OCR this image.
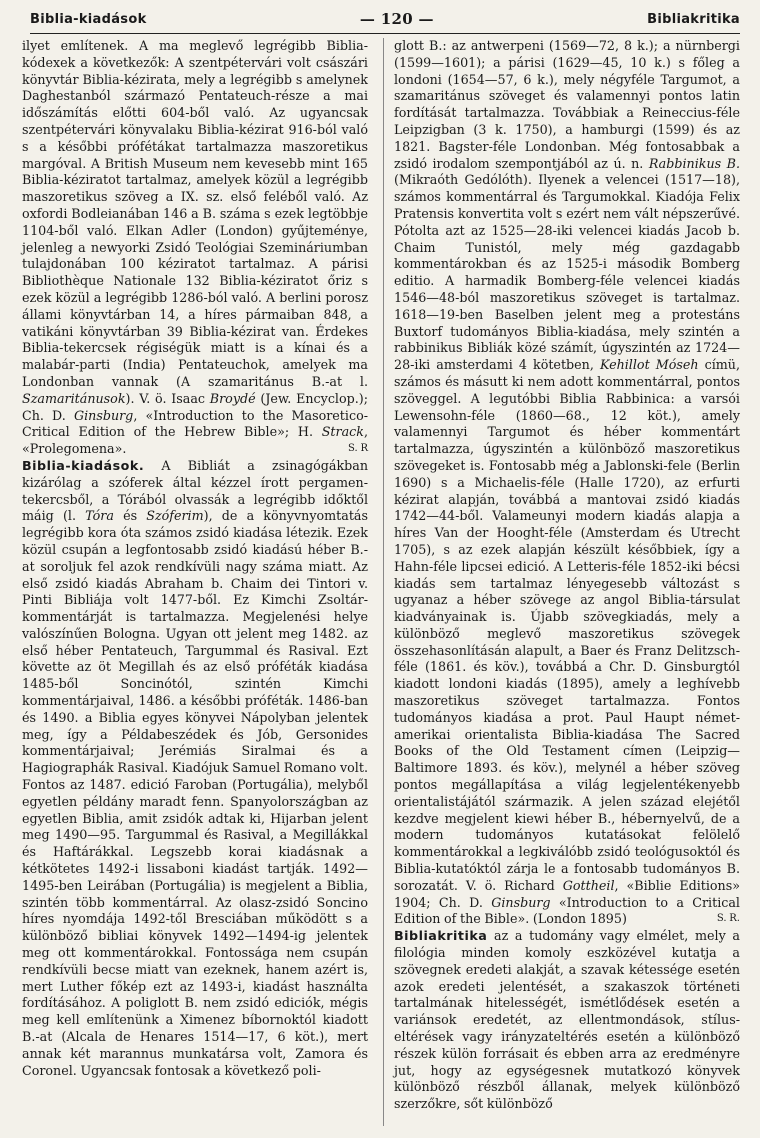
Biblia-kiadások	— 120 —	Bibliakritika

ilyet említenek. A ma meglevő legrégibb Biblia-kódexek a következők: A szentpétervári volt császári könyvtár Biblia-kézirata, mely a legrégibb s amelynek Daghestanból származó Pentateuch-része a mai időszámítás előtti 604-ből való. Az ugyancsak szentpétervári könyvalaku Biblia-kézirat 916-ból való s a későbbi prófétákat tartalmazza maszoretikus margóval. A British Museum nem kevesebb mint 165 Biblia-kéziratot tartalmaz, amelyek közül a legrégibb maszoretikus szöveg a IX. sz. első feléből való. Az oxfordi Bodleianában 146 a B. száma s ezek legtöbbje 1104-ből való. Elkan Adler (London) gyűjteménye, jelenleg a newyorki Zsidó Teológiai Szemináriumban tulajdonában 100 kéziratot tartalmaz. A párisi Bibliothèque Nationale 132 Biblia-kéziratot őriz s ezek közül a legrégibb 1286-ból való. A berlini porosz állami könyvtárban 14, a híres pármaiban 848, a vatikáni könyvtárban 39 Biblia-kézirat van. Érdekes Biblia-tekercsek régiségük miatt is a kínai és a malabár-parti (India) Pentateuchok, amelyek ma Londonban vannak (A szamaritánus B.-at l. Szamaritánusok). V. ö. Isaac Broydé (Jew. Encyclop.); Ch. D. Ginsburg, «Introduction to the Masoretico-Critical Edition of the Hebrew Bible»; H. Strack, «Prolegomena».	S. R

Biblia-kiadások. A Bibliát a zsinagógákban kizárólag a szóferek által kézzel írott pergamen-tekercsből, a Tórából olvassák a legrégibb időktől máig (l. Tóra és Szóferim), de a könyvnyomtatás legrégibb kora óta számos zsidó kiadása létezik. Ezek közül csupán a legfontosabb zsidó kiadású héber B.-at soroljuk fel azok rendkívüli nagy száma miatt. Az első zsidó kiadás Abraham b. Chaim dei Tintori v. Pinti Bibliája volt 1477-ből. Ez Kimchi Zsoltár-kommentárját is tartalmazza. Megjelenési helye valószínűen Bologna. Ugyan ott jelent meg 1482. az első héber Pentateuch, Targummal és Rasival. Ezt követte az öt Megillah és az első próféták kiadása 1485-ből Soncinótól, szintén Kimchi kommentárjaival, 1486. a későbbi próféták. 1486-ban és 1490. a Biblia egyes könyvei Nápolyban jelentek meg, így a Példabeszédek és Jób, Gersonides kommentárjaival; Jerémiás Siralmai és a Hagiographák Rasival. Kiadójuk Samuel Romano volt. Fontos az 1487. edició Faroban (Portugália), melyből egyetlen példány maradt fenn. Spanyolországban az egyetlen Biblia, amit zsidók adtak ki, Hijarban jelent meg 1490—95. Targummal és Rasival, a Megillákkal és Haftárákkal. Legszebb korai kiadásnak a kétkötetes 1492-i lissaboni kiadást tartják. 1492—1495-ben Leirában (Portugália) is megjelent a Biblia, szintén több kommentárral. Az olasz-zsidó Soncino híres nyomdája 1492-től Bresciában működött s a különböző bibliai könyvek 1492—1494-ig jelentek meg ott kommentárokkal. Fontossága nem csupán rendkívüli becse miatt van ezeknek, hanem azért is, mert Luther főkép ezt az 1493-i, kiadást használta fordításához. A poliglott B. nem zsidó ediciók, mégis meg kell említenünk a Ximenez bíbornoktól kiadott B.-at (Alcala de Henares 1514—17, 6 köt.), mert annak két marannus munkatársa volt, Zamora és Coronel. Ugyancsak fontosak a következő poli-

glott B.: az antwerpeni (1569—72, 8 k.); a nürnbergi (1599—1601); a párisi (1629—45, 10 k.) s főleg a londoni (1654—57, 6 k.), mely négyféle Targumot, a szamaritánus szöveget és valamennyi pontos latin fordítását tartalmazza. Továbbiak a Reineccius-féle Leipzigban (3 k. 1750), a hamburgi (1599) és az 1821. Bagster-féle Londonban. Még fontosabbak a zsidó irodalom szempontjából az ú. n. Rabbinikus B. (Mikraóth Gedólóth). Ilyenek a velencei (1517—18), számos kommentárral és Targumokkal. Kiadója Felix Pratensis konvertita volt s ezért nem vált népszerűvé. Pótolta azt az 1525—28-iki velencei kiadás Jacob b. Chaim Tunistól, mely még gazdagabb kommentárokban és az 1525-i második Bomberg editio. A harmadik Bomberg-féle velencei kiadás 1546—48-ból maszoretikus szöveget is tartalmaz. 1618—19-ben Baselben jelent meg a protestáns Buxtorf tudományos Biblia-kiadása, mely szintén a rabbinikus Bibliák közé számít, úgyszintén az 1724—28-iki amsterdami 4 kötetben, Kehillot Móseh címü, számos és másutt ki nem adott kommentárral, pontos szöveggel. A legutóbbi Biblia Rabbinica: a varsói Lewensohn-féle (1860—68., 12 köt.), amely valamennyi Targumot és héber kommentárt tartalmazza, úgyszintén a különböző maszoretikus szövegeket is. Fontosabb még a Jablonski-fele (Berlin 1690) s a Michaelis-féle (Halle 1720), az erfurti kézirat alapján, továbbá a mantovai zsidó kiadás 1742—44-ből. Valameunyi modern kiadás alapja a híres Van der Hooght-féle (Amsterdam és Utrecht 1705), s az ezek alapján készült későbbiek, így a Hahn-féle lipcsei edició. A Letteris-féle 1852-iki bécsi kiadás sem tartalmaz lényegesebb változást s ugyanaz a héber szövege az angol Biblia-társulat kiadványainak is. Újabb szövegkiadás, mely a különböző meglevő maszoretikus szövegek összehasonlításán alapult, a Baer és Franz Delitzsch-féle (1861. és köv.), továbbá a Chr. D. Ginsburgtól kiadott londoni kiadás (1895), amely a leghívebb maszoretikus szöveget tartalmazza. Fontos tudományos kiadása a prot. Paul Haupt német-amerikai orientalista Biblia-kiadása The Sacred Books of the Old Testament címen (Leipzig—Baltimore 1893. és köv.), melynél a héber szöveg pontos megállapítása a világ legjelentékenyebb orientalistájától származik. A jelen század elejétől kezdve megjelent kiewi héber B., hébernyelvű, de a modern tudományos kutatásokat felölelő kommentárokkal a legkiválóbb zsidó teológusoktól és Biblia-kutatóktól zárja le a fontosabb tudományos B. sorozatát. V. ö. Richard Gottheil, «Biblie Editions» 1904; Ch. D. Ginsburg «Introduction to a Critical Edition of the Bible». (London 1895)	S. R.

Bibliakritika az a tudomány vagy elmélet, mely a filológia minden komoly eszközével kutatja a szövegnek eredeti alakját, a szavak kétessége esetén azok eredeti jelentését, a szakaszok történeti tartalmának hitelességét, ismétlődések esetén a variánsok eredetét, az ellentmondások, stílus-eltérések vagy irányzateltérés esetén a különböző részek külön forrásait és ebben arra az eredményre jut, hogy az egységesnek mutatkozó könyvek különböző részből állanak, melyek különböző szerzőkre, sőt különböző
